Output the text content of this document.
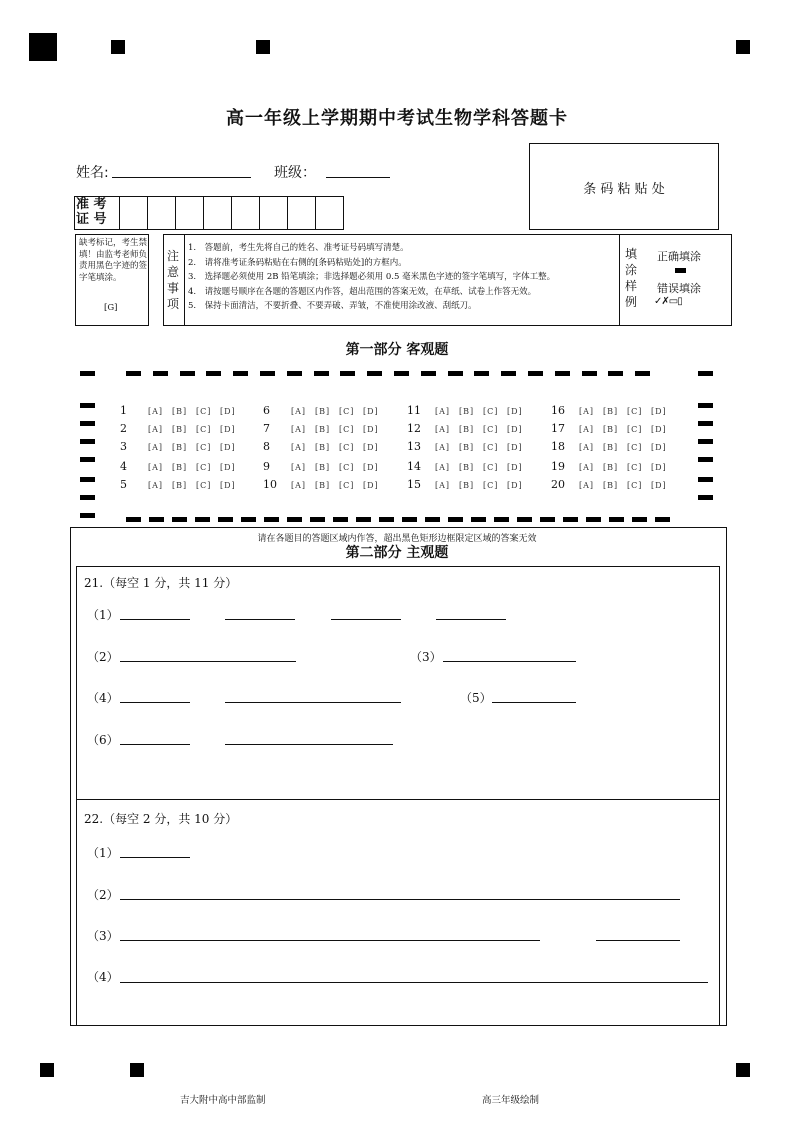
高一年级上学期期中考试生物学科答题卡
姓名:	班级：
条 码 粘 贴 处
准 考
证 号
缺考标记，考生禁填！由监考老师负责用黑色字迹的签字笔填涂。
[G]
注
意
事
项
1.　答题前，考生先将自己的姓名、准考证号码填写清楚。
2.　请将准考证条码粘贴在右侧的[条码粘贴处]的方框内。
3.　选择题必须使用 2B 铅笔填涂；非选择题必须用 0.5 毫米黑色字迹的签字笔填写，字体工整。
4.　请按题号顺序在各题的答题区内作答，超出范围的答案无效，在草纸、试卷上作答无效。
5.　保持卡面清洁，不要折叠、不要弄破、弄皱，不准使用涂改液、刮纸刀。
填
涂
样
例
正确填涂
错误填涂
✓✗▭▯
第一部分 客观题
1	[A] [B] [C] [D]
2	[A] [B] [C] [D]
3	[A] [B] [C] [D]
4	[A] [B] [C] [D]
5	[A] [B] [C] [D]
6	[A] [B] [C] [D]
7	[A] [B] [C] [D]
8	[A] [B] [C] [D]
9	[A] [B] [C] [D]
10 [A] [B] [C] [D]
11 [A] [B] [C] [D]
12 [A] [B] [C] [D]
13 [A] [B] [C] [D]
14 [A] [B] [C] [D]
15 [A] [B] [C] [D]
16 [A] [B] [C] [D]
17 [A] [B] [C] [D]
18 [A] [B] [C] [D]
19 [A] [B] [C] [D]
20 [A] [B] [C] [D]
请在各题目的答题区域内作答，超出黑色矩形边框限定区域的答案无效
第二部分 主观题
21.（每空 1 分，共 11 分）
（1）
（2）	（3）
（4）	（5）
（6）
22.（每空 2 分，共 10 分）
（1）
（2）
（3）
（4）
吉大附中高中部监制	高三年级绘制
